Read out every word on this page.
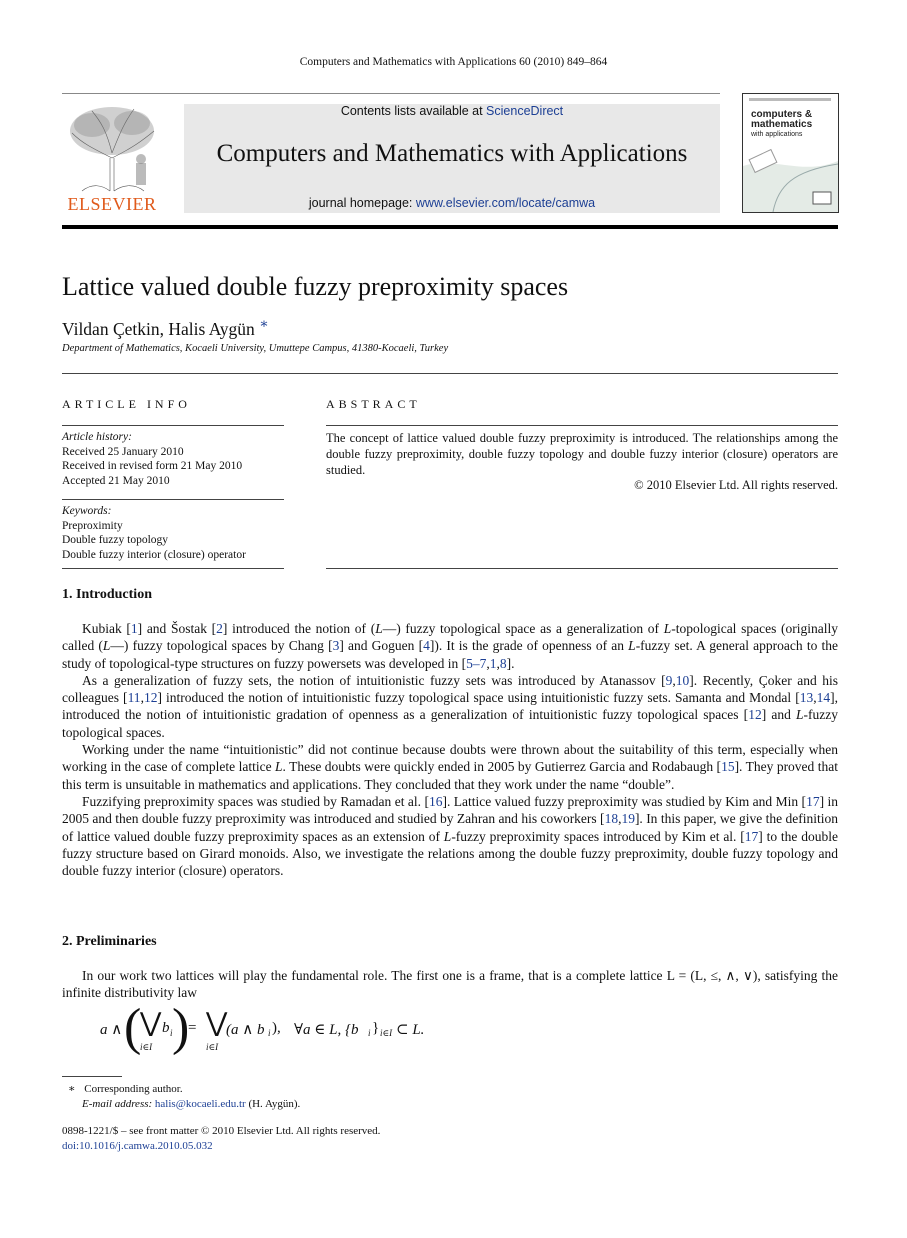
Computers and Mathematics with Applications 60 (2010) 849–864
ELSEVIER
Contents lists available at ScienceDirect
Computers and Mathematics with Applications
journal homepage: www.elsevier.com/locate/camwa
computers &
mathematics
with applications
Lattice valued double fuzzy preproximity spaces
Vildan Çetkin, Halis Aygün ∗
Department of Mathematics, Kocaeli University, Umuttepe Campus, 41380-Kocaeli, Turkey
ARTICLE INFO
Article history:
Received 25 January 2010
Received in revised form 21 May 2010
Accepted 21 May 2010
Keywords:
Preproximity
Double fuzzy topology
Double fuzzy interior (closure) operator
ABSTRACT
The concept of lattice valued double fuzzy preproximity is introduced. The relationships among the double fuzzy preproximity, double fuzzy topology and double fuzzy interior (closure) operators are studied.
© 2010 Elsevier Ltd. All rights reserved.
1. Introduction

Kubiak [1] and Šostak [2] introduced the notion of (L—) fuzzy topological space as a generalization of L-topological spaces (originally called (L—) fuzzy topological spaces by Chang [3] and Goguen [4]). It is the grade of openness of an L-fuzzy set. A general approach to the study of topological-type structures on fuzzy powersets was developed in [5–7,1,8].

As a generalization of fuzzy sets, the notion of intuitionistic fuzzy sets was introduced by Atanassov [9,10]. Recently, Çoker and his colleagues [11,12] introduced the notion of intuitionistic fuzzy topological space using intuitionistic fuzzy sets. Samanta and Mondal [13,14], introduced the notion of intuitionistic gradation of openness as a generalization of intuitionistic fuzzy topological spaces [12] and L-fuzzy topological spaces.

Working under the name “intuitionistic” did not continue because doubts were thrown about the suitability of this term, especially when working in the case of complete lattice L. These doubts were quickly ended in 2005 by Gutierrez Garcia and Rodabaugh [15]. They proved that this term is unsuitable in mathematics and applications. They concluded that they work under the name “double”.

Fuzzifying preproximity spaces was studied by Ramadan et al. [16]. Lattice valued fuzzy preproximity was studied by Kim and Min [17] in 2005 and then double fuzzy preproximity was introduced and studied by Zahran and his coworkers [18,19]. In this paper, we give the definition of lattice valued double fuzzy preproximity spaces as an extension of L-fuzzy preproximity spaces introduced by Kim et al. [17] to the double fuzzy structure based on Girard monoids. Also, we investigate the relations among the double fuzzy preproximity, double fuzzy topology and double fuzzy interior (closure) operators.

2. Preliminaries

In our work two lattices will play the fundamental role. The first one is a frame, that is a complete lattice L = (L, ≤, ∧, ∨), satisfying the infinite distributivity law

a ∧ (
⋁
i∈I
b i )
= ⋁
i∈I
(a ∧ b i ), ∀a ∈ L, {b i } i∈I ⊂ L.
∗ Corresponding author.
E-mail address: halis@kocaeli.edu.tr (H. Aygün).
0898-1221/$ – see front matter © 2010 Elsevier Ltd. All rights reserved.
doi:10.1016/j.camwa.2010.05.032
